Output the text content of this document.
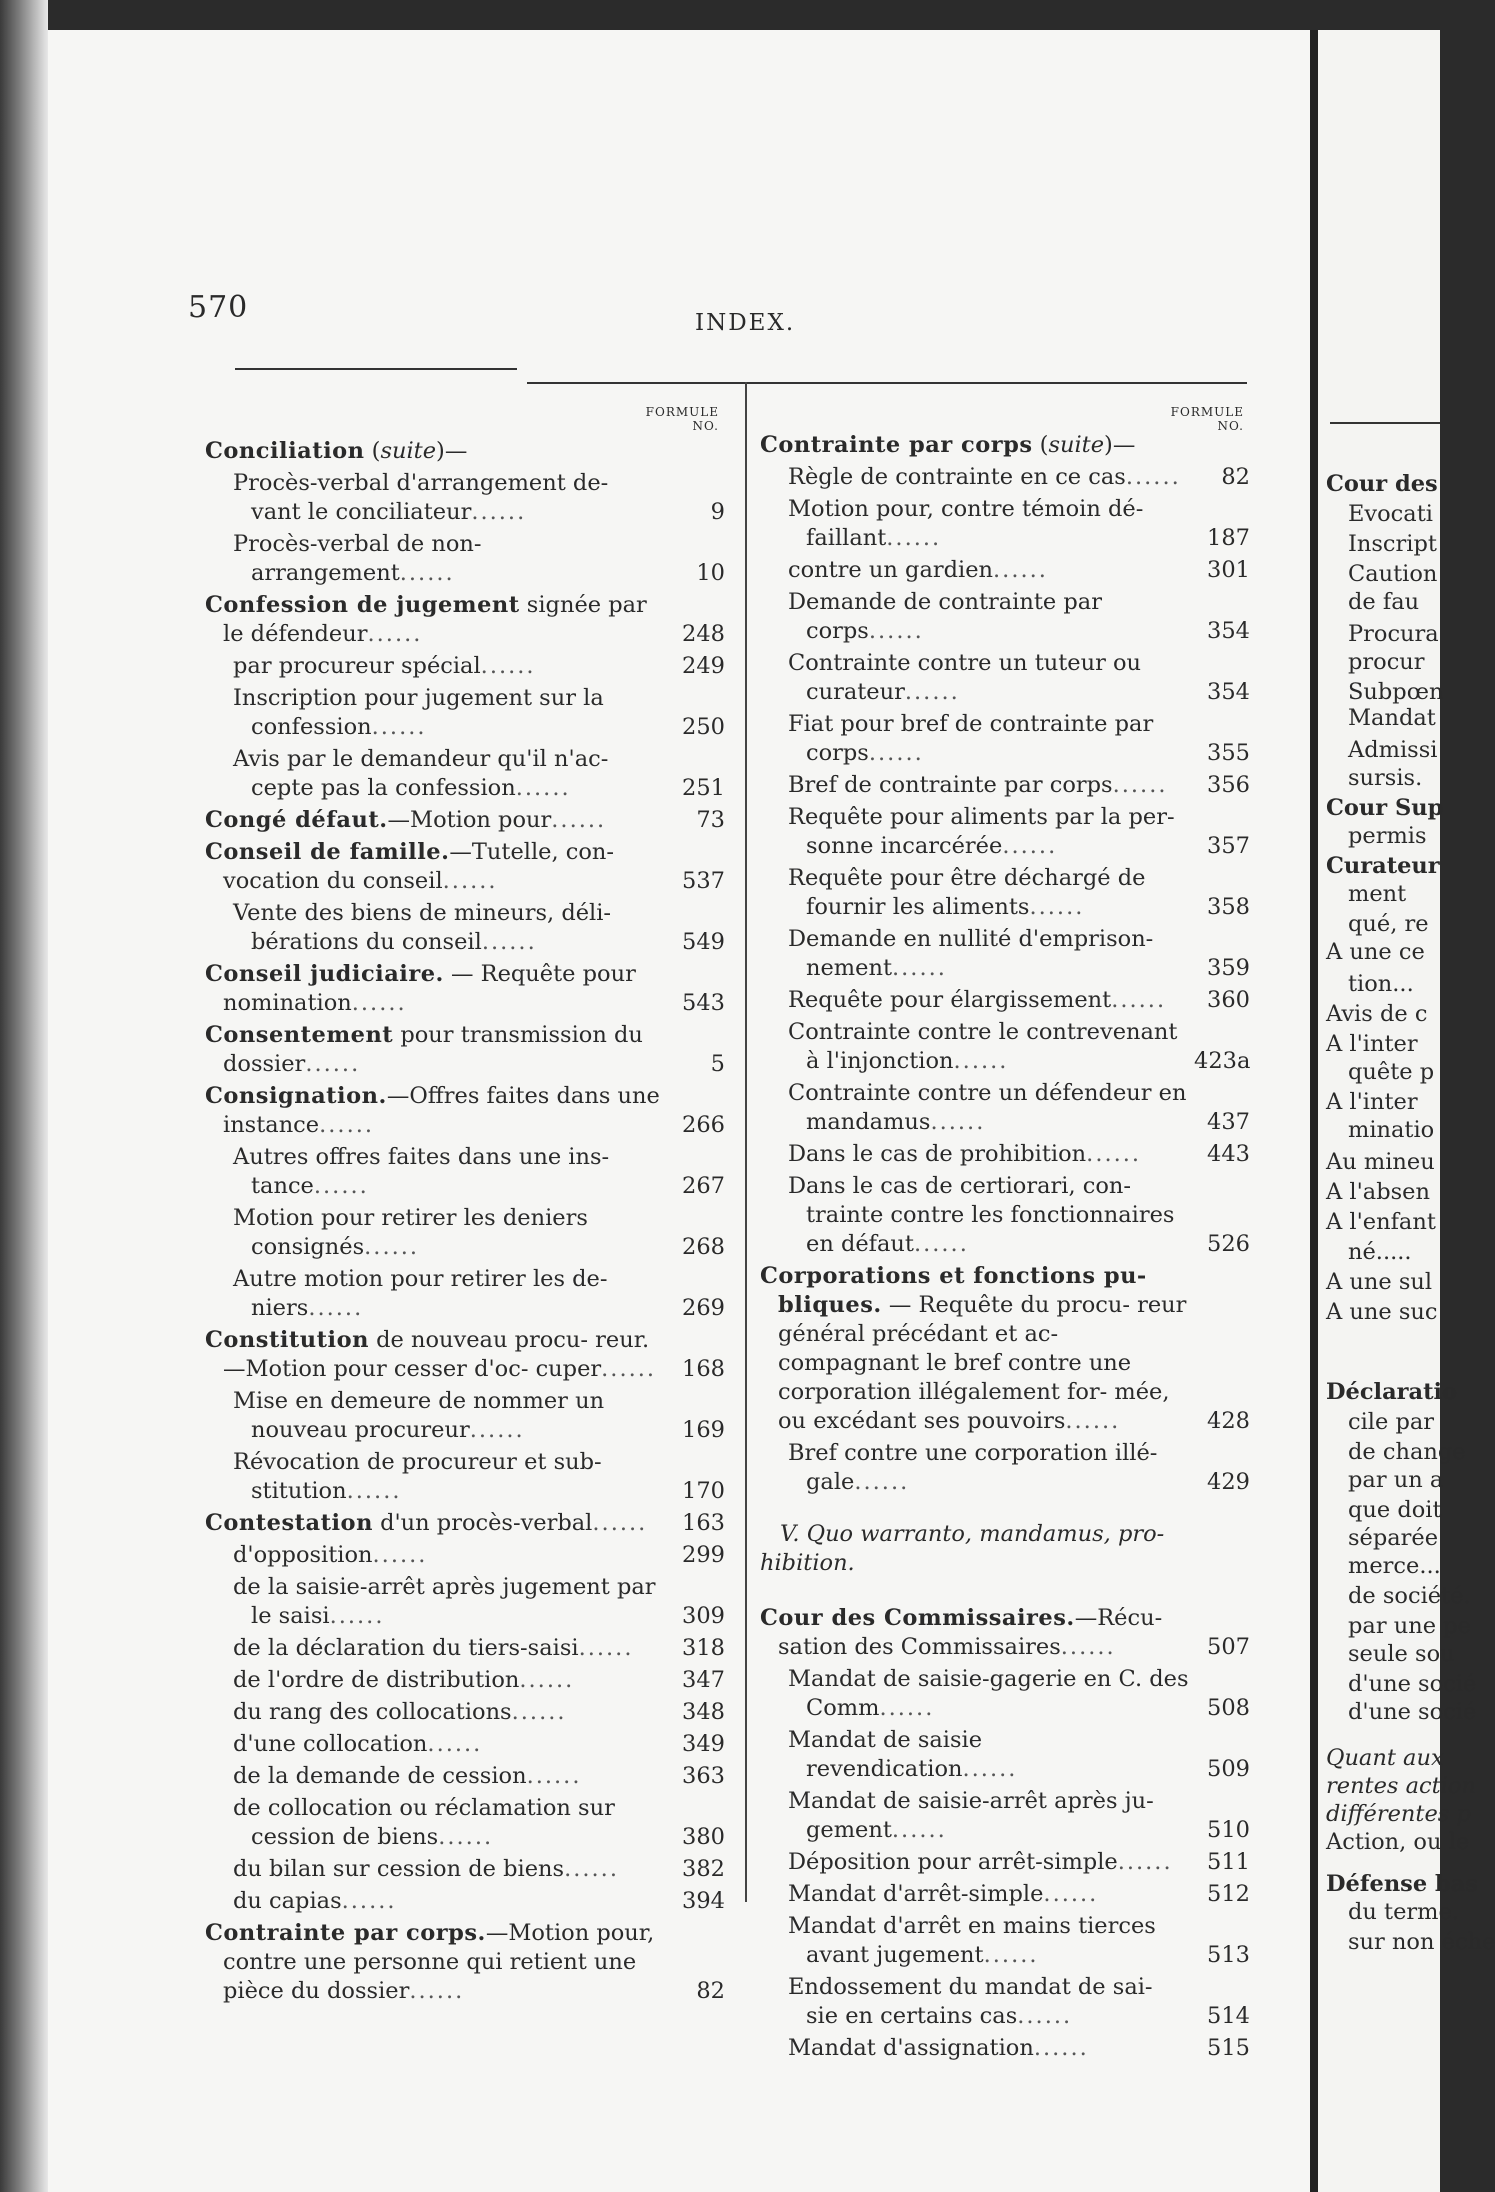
570	INDEX.
FORMULE
NO.
Conciliation (suite)—
Procès-verbal d'arrangement de- vant le conciliateur......	9
Procès-verbal de non-arrangement......	10
Confession de jugement signée par le défendeur......	248
par procureur spécial......	249
Inscription pour jugement sur la confession......	250
Avis par le demandeur qu'il n'ac- cepte pas la confession......	251
Congé défaut.—Motion pour......	73
Conseil de famille.—Tutelle, con- vocation du conseil......	537
Vente des biens de mineurs, déli- bérations du conseil......	549
Conseil judiciaire. — Requête pour nomination......	543
Consentement pour transmission du dossier......	5
Consignation.—Offres faites dans une instance......	266
Autres offres faites dans une ins- tance......	267
Motion pour retirer les deniers consignés......	268
Autre motion pour retirer les de- niers......	269
Constitution de nouveau procu- reur.—Motion pour cesser d'oc- cuper......	168
Mise en demeure de nommer un nouveau procureur......	169
Révocation de procureur et sub- stitution......	170
Contestation d'un procès-verbal......	163
d'opposition......	299
de la saisie-arrêt après jugement par le saisi......	309
de la déclaration du tiers-saisi......	318
de l'ordre de distribution......	347
du rang des collocations......	348
d'une collocation......	349
de la demande de cession......	363
de collocation ou réclamation sur cession de biens......	380
du bilan sur cession de biens......	382
du capias......	394
Contrainte par corps.—Motion pour, contre une personne qui retient une pièce du dossier......	82
FORMULE
NO.
Contrainte par corps (suite)—
Règle de contrainte en ce cas......	82
Motion pour, contre témoin dé- faillant......	187
contre un gardien......	301
Demande de contrainte par corps......	354
Contrainte contre un tuteur ou curateur......	354
Fiat pour bref de contrainte par corps......	355
Bref de contrainte par corps......	356
Requête pour aliments par la per- sonne incarcérée......	357
Requête pour être déchargé de fournir les aliments......	358
Demande en nullité d'emprison- nement......	359
Requête pour élargissement......	360
Contrainte contre le contrevenant à l'injonction......	423a
Contrainte contre un défendeur en mandamus......	437
Dans le cas de prohibition......	443
Dans le cas de certiorari, con- trainte contre les fonctionnaires en défaut......	526
Corporations et fonctions pu- bliques. — Requête du procu- reur général précédant et ac- compagnant le bref contre une corporation illégalement for- mée, ou excédant ses pouvoirs......	428
Bref contre une corporation illé- gale......	429
V. Quo warranto, mandamus, pro- hibition.
Cour des Commissaires.—Récu- sation des Commissaires......	507
Mandat de saisie-gagerie en C. des Comm......	508
Mandat de saisie revendication......	509
Mandat de saisie-arrêt après ju- gement......	510
Déposition pour arrêt-simple......	511
Mandat d'arrêt-simple......	512
Mandat d'arrêt en mains tierces avant jugement......	513
Endossement du mandat de sai- sie en certains cas......	514
Mandat d'assignation......	515
Cour des
Evocati
Inscript
Caution
de fau
Procura
procur
Subpœn
Mandat
Admissi
sursis.
Cour Sup
permis
Curateur
ment
qué, re
A une ce
tion...
Avis de c
A l'inter
quête p
A l'inter
minatio
Au mineu
A l'absen
A l'enfant
né.....
A une sul
A une suc
Déclaratio
cile par
de change
par un a
que doit
séparée
merce...
de société.
par une pe
seule sou
d'une socié
d'une socié
Quant aux
rentes action
différentes p
Action, ou le
Défense bas
du terme.
sur non éche
